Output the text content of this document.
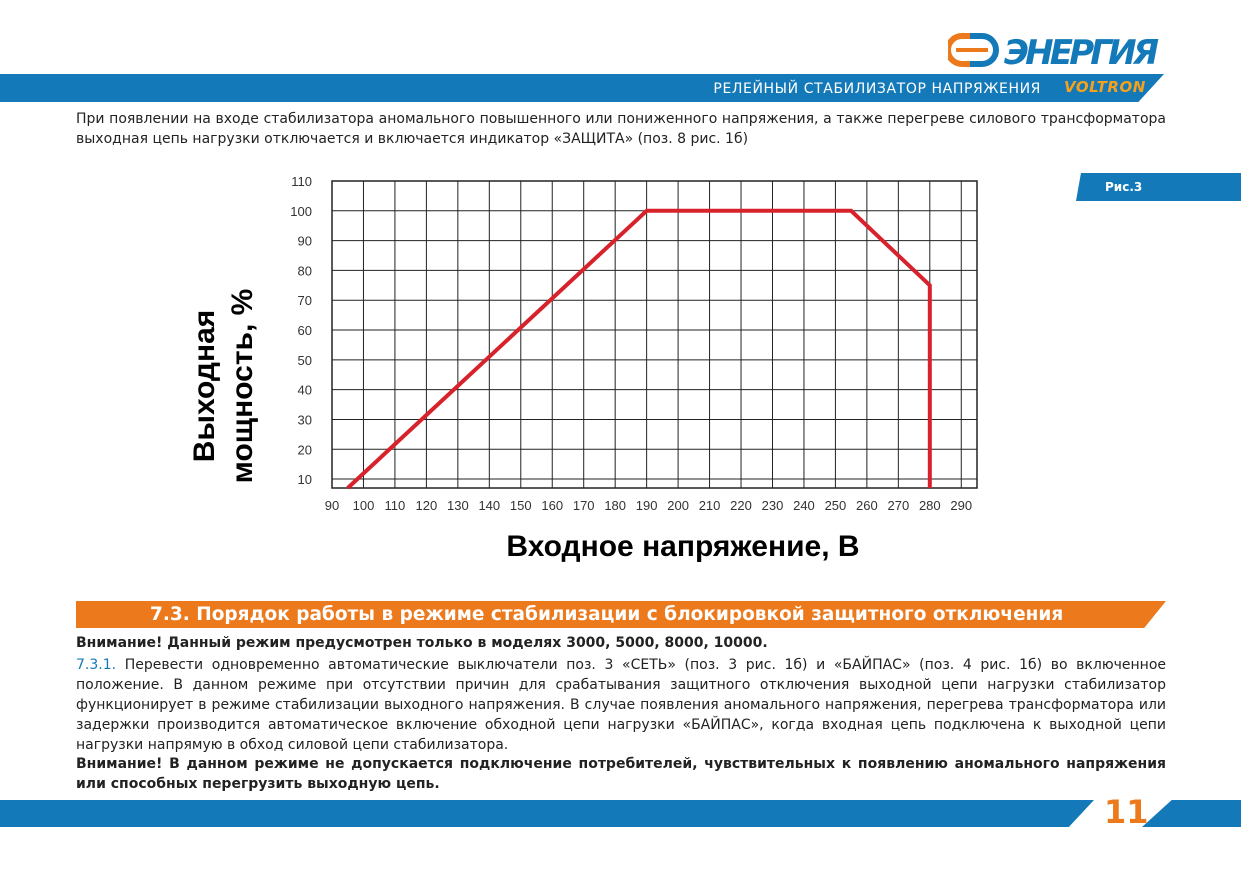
ЭНЕРГИЯ
РЕЛЕЙНЫЙ СТАБИЛИЗАТОР НАПРЯЖЕНИЯ VOLTRON
При появлении на входе стабилизатора аномального повышенного или пониженного напряжения, а также перегреве силового трансформатора выходная цепь нагрузки отключается и включается индикатор «ЗАЩИТА» (поз. 8 рис. 1б)
Рис.3
90 100 110 120 130 140 150 160 170 180 190 200 210 220 230 240 250 260 270 280 290
10
20
30
40
50
60
70
80
90
100
110
Входное напряжение, В
Выходная мощность, %
7.3. Порядок работы в режиме стабилизации с блокировкой защитного отключения
Внимание! Данный режим предусмотрен только в моделях 3000, 5000, 8000, 10000.
7.3.1. Перевести одновременно автоматические выключатели поз. 3 «СЕТЬ» (поз. 3 рис. 1б) и «БАЙПАС» (поз. 4 рис. 1б) во включенное положение. В данном режиме при отсутствии причин для срабатывания защитного отключения выходной цепи нагрузки стабилизатор функционирует в режиме стабилизации выходного напряжения. В случае появления аномального напряжения, перегрева трансформатора или задержки производится автоматическое включение обходной цепи нагрузки «БАЙПАС», когда входная цепь подключена к выходной цепи нагрузки напрямую в обход силовой цепи стабилизатора.
Внимание! В данном режиме не допускается подключение потребителей, чувствительных к появлению аномального напряжения или способных перегрузить выходную цепь.
11
